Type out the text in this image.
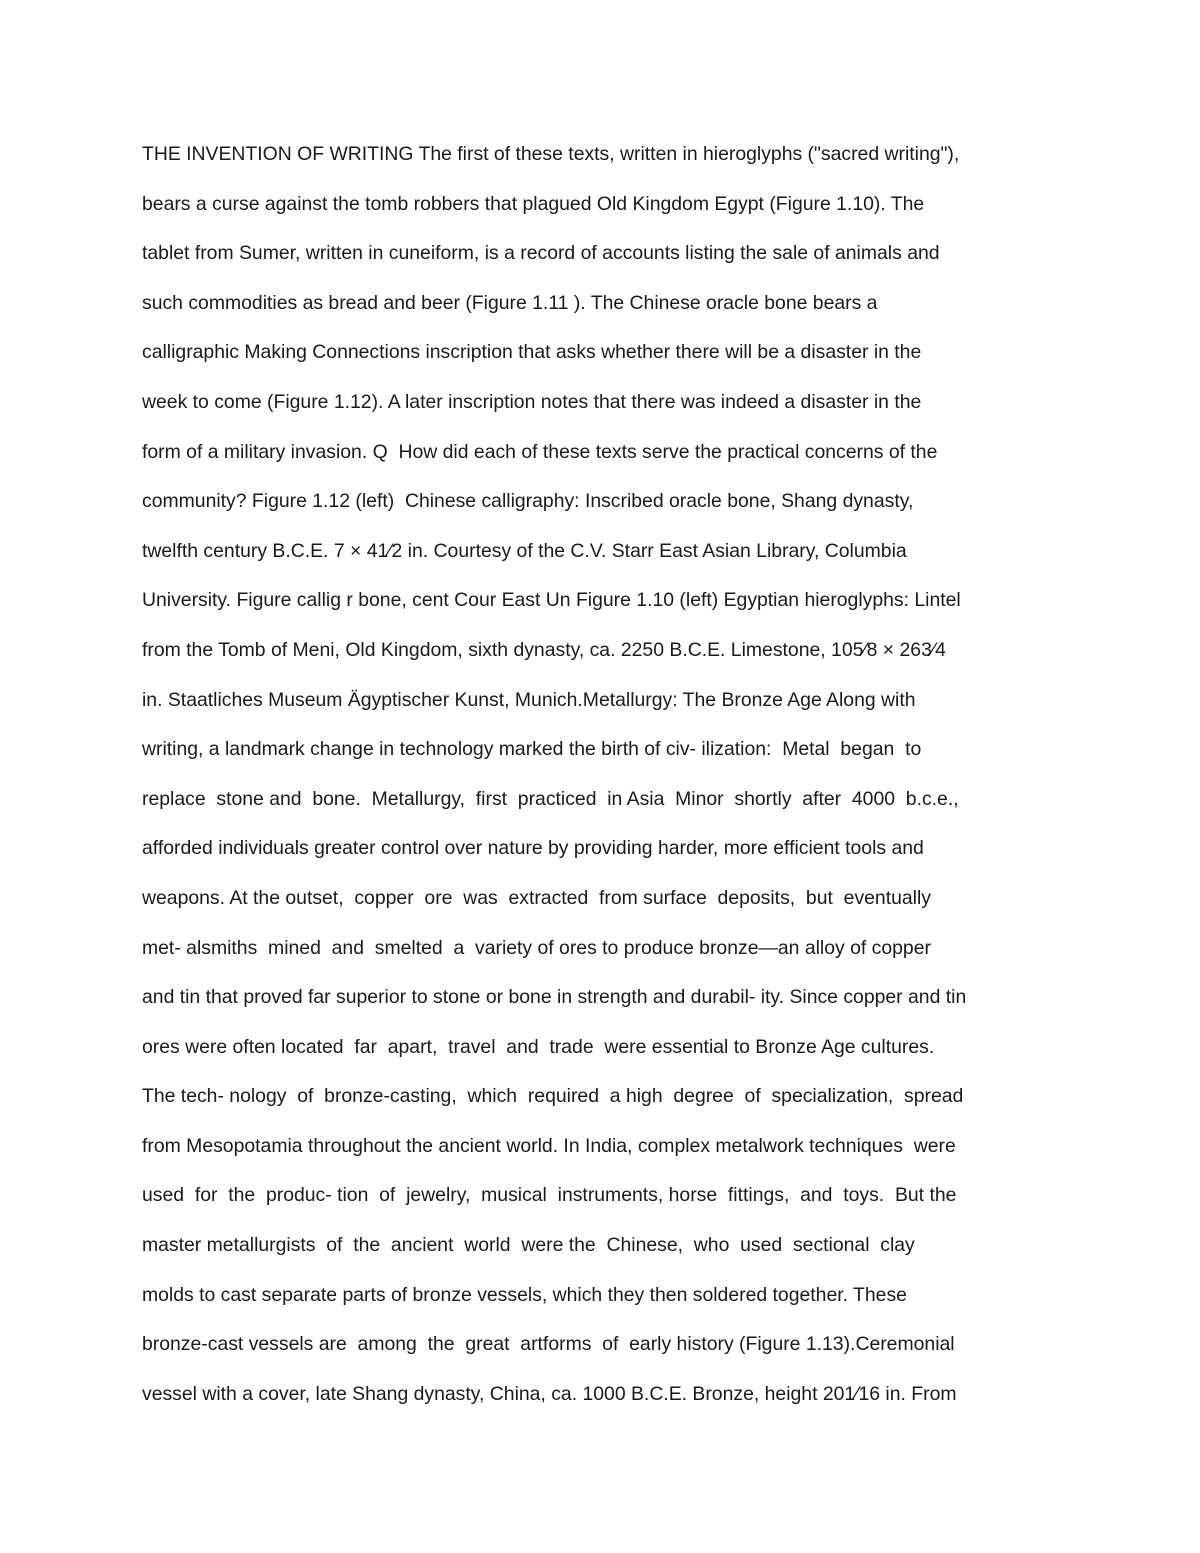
THE INVENTION OF WRITING The first of these texts, written in hieroglyphs ("sacred writing"),
bears a curse against the tomb robbers that plagued Old Kingdom Egypt (Figure 1.10). The
tablet from Sumer, written in cuneiform, is a record of accounts listing the sale of animals and
such commodities as bread and beer (Figure 1.11 ). The Chinese oracle bone bears a
calligraphic Making Connections inscription that asks whether there will be a disaster in the
week to come (Figure 1.12). A later inscription notes that there was indeed a disaster in the
form of a military invasion. Q  How did each of these texts serve the practical concerns of the
community? Figure 1.12 (left)  Chinese calligraphy: Inscribed oracle bone, Shang dynasty,
twelfth century B.C.E. 7 × 41⁄2 in. Courtesy of the C.V. Starr East Asian Library, Columbia
University. Figure callig r bone, cent Cour East Un Figure 1.10 (left) Egyptian hieroglyphs: Lintel
from the Tomb of Meni, Old Kingdom, sixth dynasty, ca. 2250 B.C.E. Limestone, 105⁄8 × 263⁄4
in. Staatliches Museum Ägyptischer Kunst, Munich.Metallurgy: The Bronze Age Along with
writing, a landmark change in technology marked the birth of civ- ilization:  Metal  began  to
replace  stone and  bone.  Metallurgy,  first  practiced  in Asia  Minor  shortly  after  4000  b.c.e.,
afforded individuals greater control over nature by providing harder, more efficient tools and
weapons. At the outset,  copper  ore  was  extracted  from surface  deposits,  but  eventually
met- alsmiths  mined  and  smelted  a  variety of ores to produce bronze—an alloy of copper
and tin that proved far superior to stone or bone in strength and durabil- ity. Since copper and tin
ores were often located  far  apart,  travel  and  trade  were essential to Bronze Age cultures.
The tech- nology  of  bronze-casting,  which  required  a high  degree  of  specialization,  spread
from Mesopotamia throughout the ancient world. In India, complex metalwork techniques  were
used  for  the  produc- tion  of  jewelry,  musical  instruments, horse  fittings,  and  toys.  But the
master metallurgists  of  the  ancient  world  were the  Chinese,  who  used  sectional  clay
molds to cast separate parts of bronze vessels, which they then soldered together. These
bronze-cast vessels are  among  the  great  artforms  of  early history (Figure 1.13).Ceremonial
vessel with a cover, late Shang dynasty, China, ca. 1000 B.C.E. Bronze, height 201⁄16 in. From
